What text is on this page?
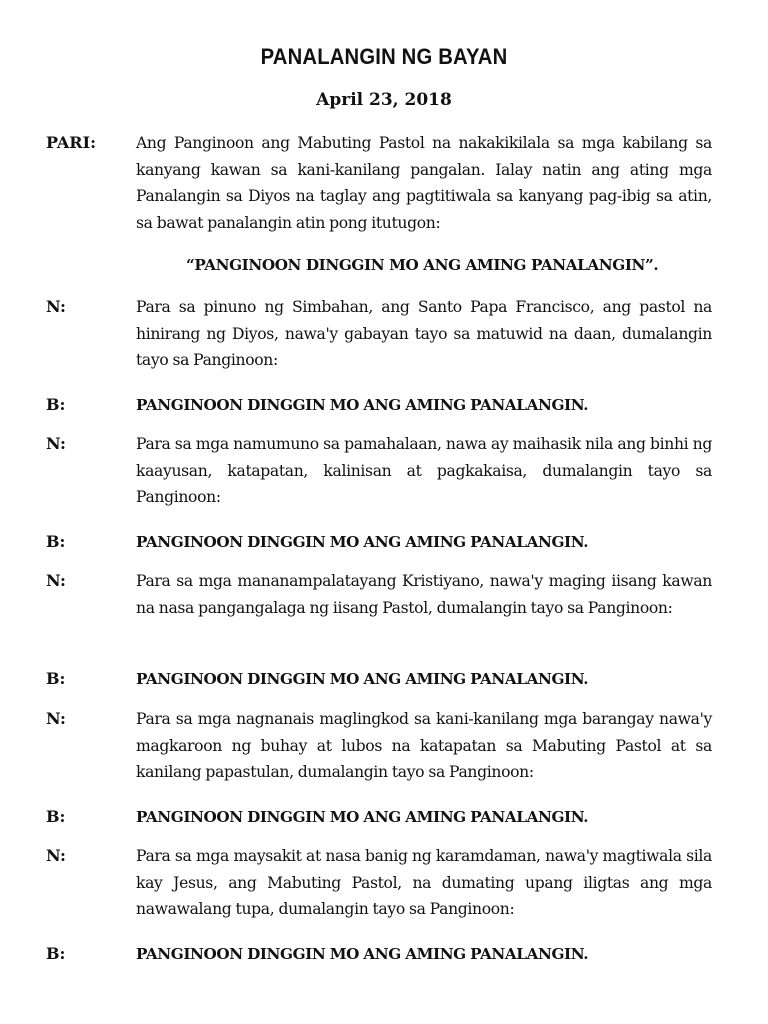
PANALANGIN NG BAYAN
April 23, 2018
PARI:	Ang Panginoon ang Mabuting Pastol na nakakikilala sa mga kabilang sa kanyang kawan sa kani-kanilang pangalan. Ialay natin ang ating mga Panalangin sa Diyos na taglay ang pagtitiwala sa kanyang pag-ibig sa atin, sa bawat panalangin atin pong itutugon:
“PANGINOON DINGGIN MO ANG AMING PANALANGIN”.
N:	Para sa pinuno ng Simbahan, ang Santo Papa Francisco, ang pastol na hinirang ng Diyos, nawa'y gabayan tayo sa matuwid na daan, dumalangin tayo sa Panginoon:
B:	PANGINOON DINGGIN MO ANG AMING PANALANGIN.
N:	Para sa mga namumuno sa pamahalaan, nawa ay maihasik nila ang binhi ng kaayusan, katapatan, kalinisan at pagkakaisa, dumalangin tayo sa Panginoon:
B:	PANGINOON DINGGIN MO ANG AMING PANALANGIN.
N:	Para sa mga mananampalatayang Kristiyano, nawa'y maging iisang kawan na nasa pangangalaga ng iisang Pastol, dumalangin tayo sa Panginoon:
B:	PANGINOON DINGGIN MO ANG AMING PANALANGIN.
N:	Para sa mga nagnanais maglingkod sa kani-kanilang mga barangay nawa'y magkaroon ng buhay at lubos na katapatan sa Mabuting Pastol at sa kanilang papastulan, dumalangin tayo sa Panginoon:
B:	PANGINOON DINGGIN MO ANG AMING PANALANGIN.
N:	Para sa mga maysakit at nasa banig ng karamdaman, nawa'y magtiwala sila kay Jesus, ang Mabuting Pastol, na dumating upang iligtas ang mga nawawalang tupa, dumalangin tayo sa Panginoon:
B:	PANGINOON DINGGIN MO ANG AMING PANALANGIN.
